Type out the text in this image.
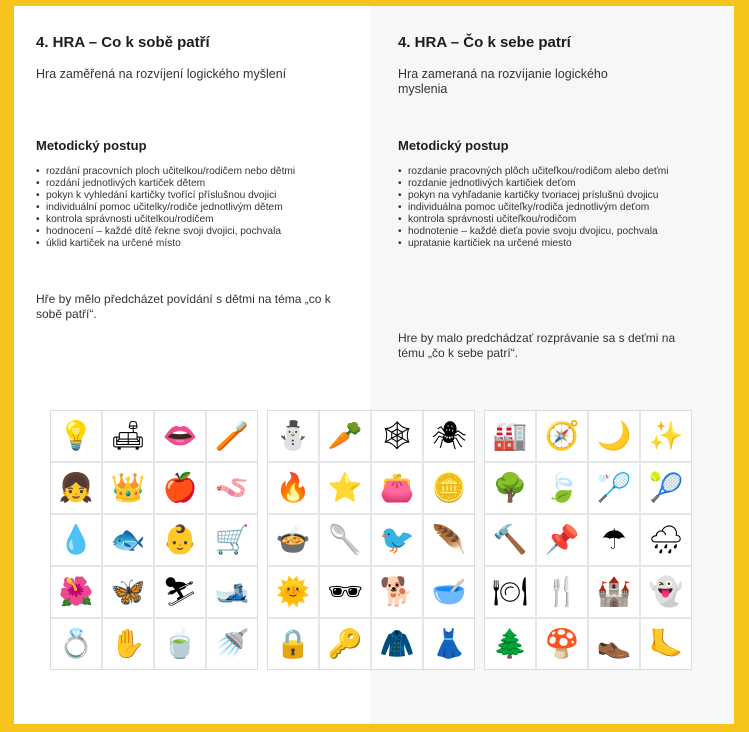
4. HRA – Co k sobě patří
Hra zaměřená na rozvíjení logického myšlení
Metodický postup
• rozdání pracovních ploch učitelkou/rodičem nebo dětmi
• rozdání jednotlivých kartiček dětem
• pokyn k vyhledání kartičky tvořící příslušnou dvojici
• individuální pomoc učitelky/rodiče jednotlivým dětem
• kontrola správnosti učitelkou/rodičem
• hodnocení – každé dítě řekne svoji dvojici, pochvala
• úklid kartiček na určené místo
Hře by mělo předcházet povídání s dětmi na téma „co k sobě patří“.
4. HRA – Čo k sebe patrí
Hra zameraná na rozvíjanie logického myslenia
Metodický postup
• rozdanie pracovných plôch učiteľkou/rodičom alebo deťmi
• rozdanie jednotlivých kartičiek deťom
• pokyn na vyhľadanie kartičky tvoriacej príslušnú dvojicu
• individuálna pomoc učiteľky/rodiča jednotlivým deťom
• kontrola správnosti učiteľkou/rodičom
• hodnotenie – každé dieťa povie svoju dvojicu, pochvala
• upratanie kartičiek na určené miesto
Hre by malo predchádzať rozprávanie sa s deťmi na tému „čo k sebe patrí“.
💡 🛋 👄 🪥
👧 👑 🍎 🪱
💧 🐟 👶 🛒
🌺 🦋 ⛷ 🎿
💍 ✋ 🍵 🚿
⛄ 🥕 🕸 🕷
🔥 ⭐ 👛 🪙
🍲 🥄 🐦 🪶
🌞 🕶 🐕 🥣
🔒 🔑 🧥 👗
🏭 🧭 🌙 ✨
🌳 🍃 🏸 🎾
🔨 📌 ☂ 🌧
🍽 🍴 🏰 👻
🌲 🍄 👞 🦶
